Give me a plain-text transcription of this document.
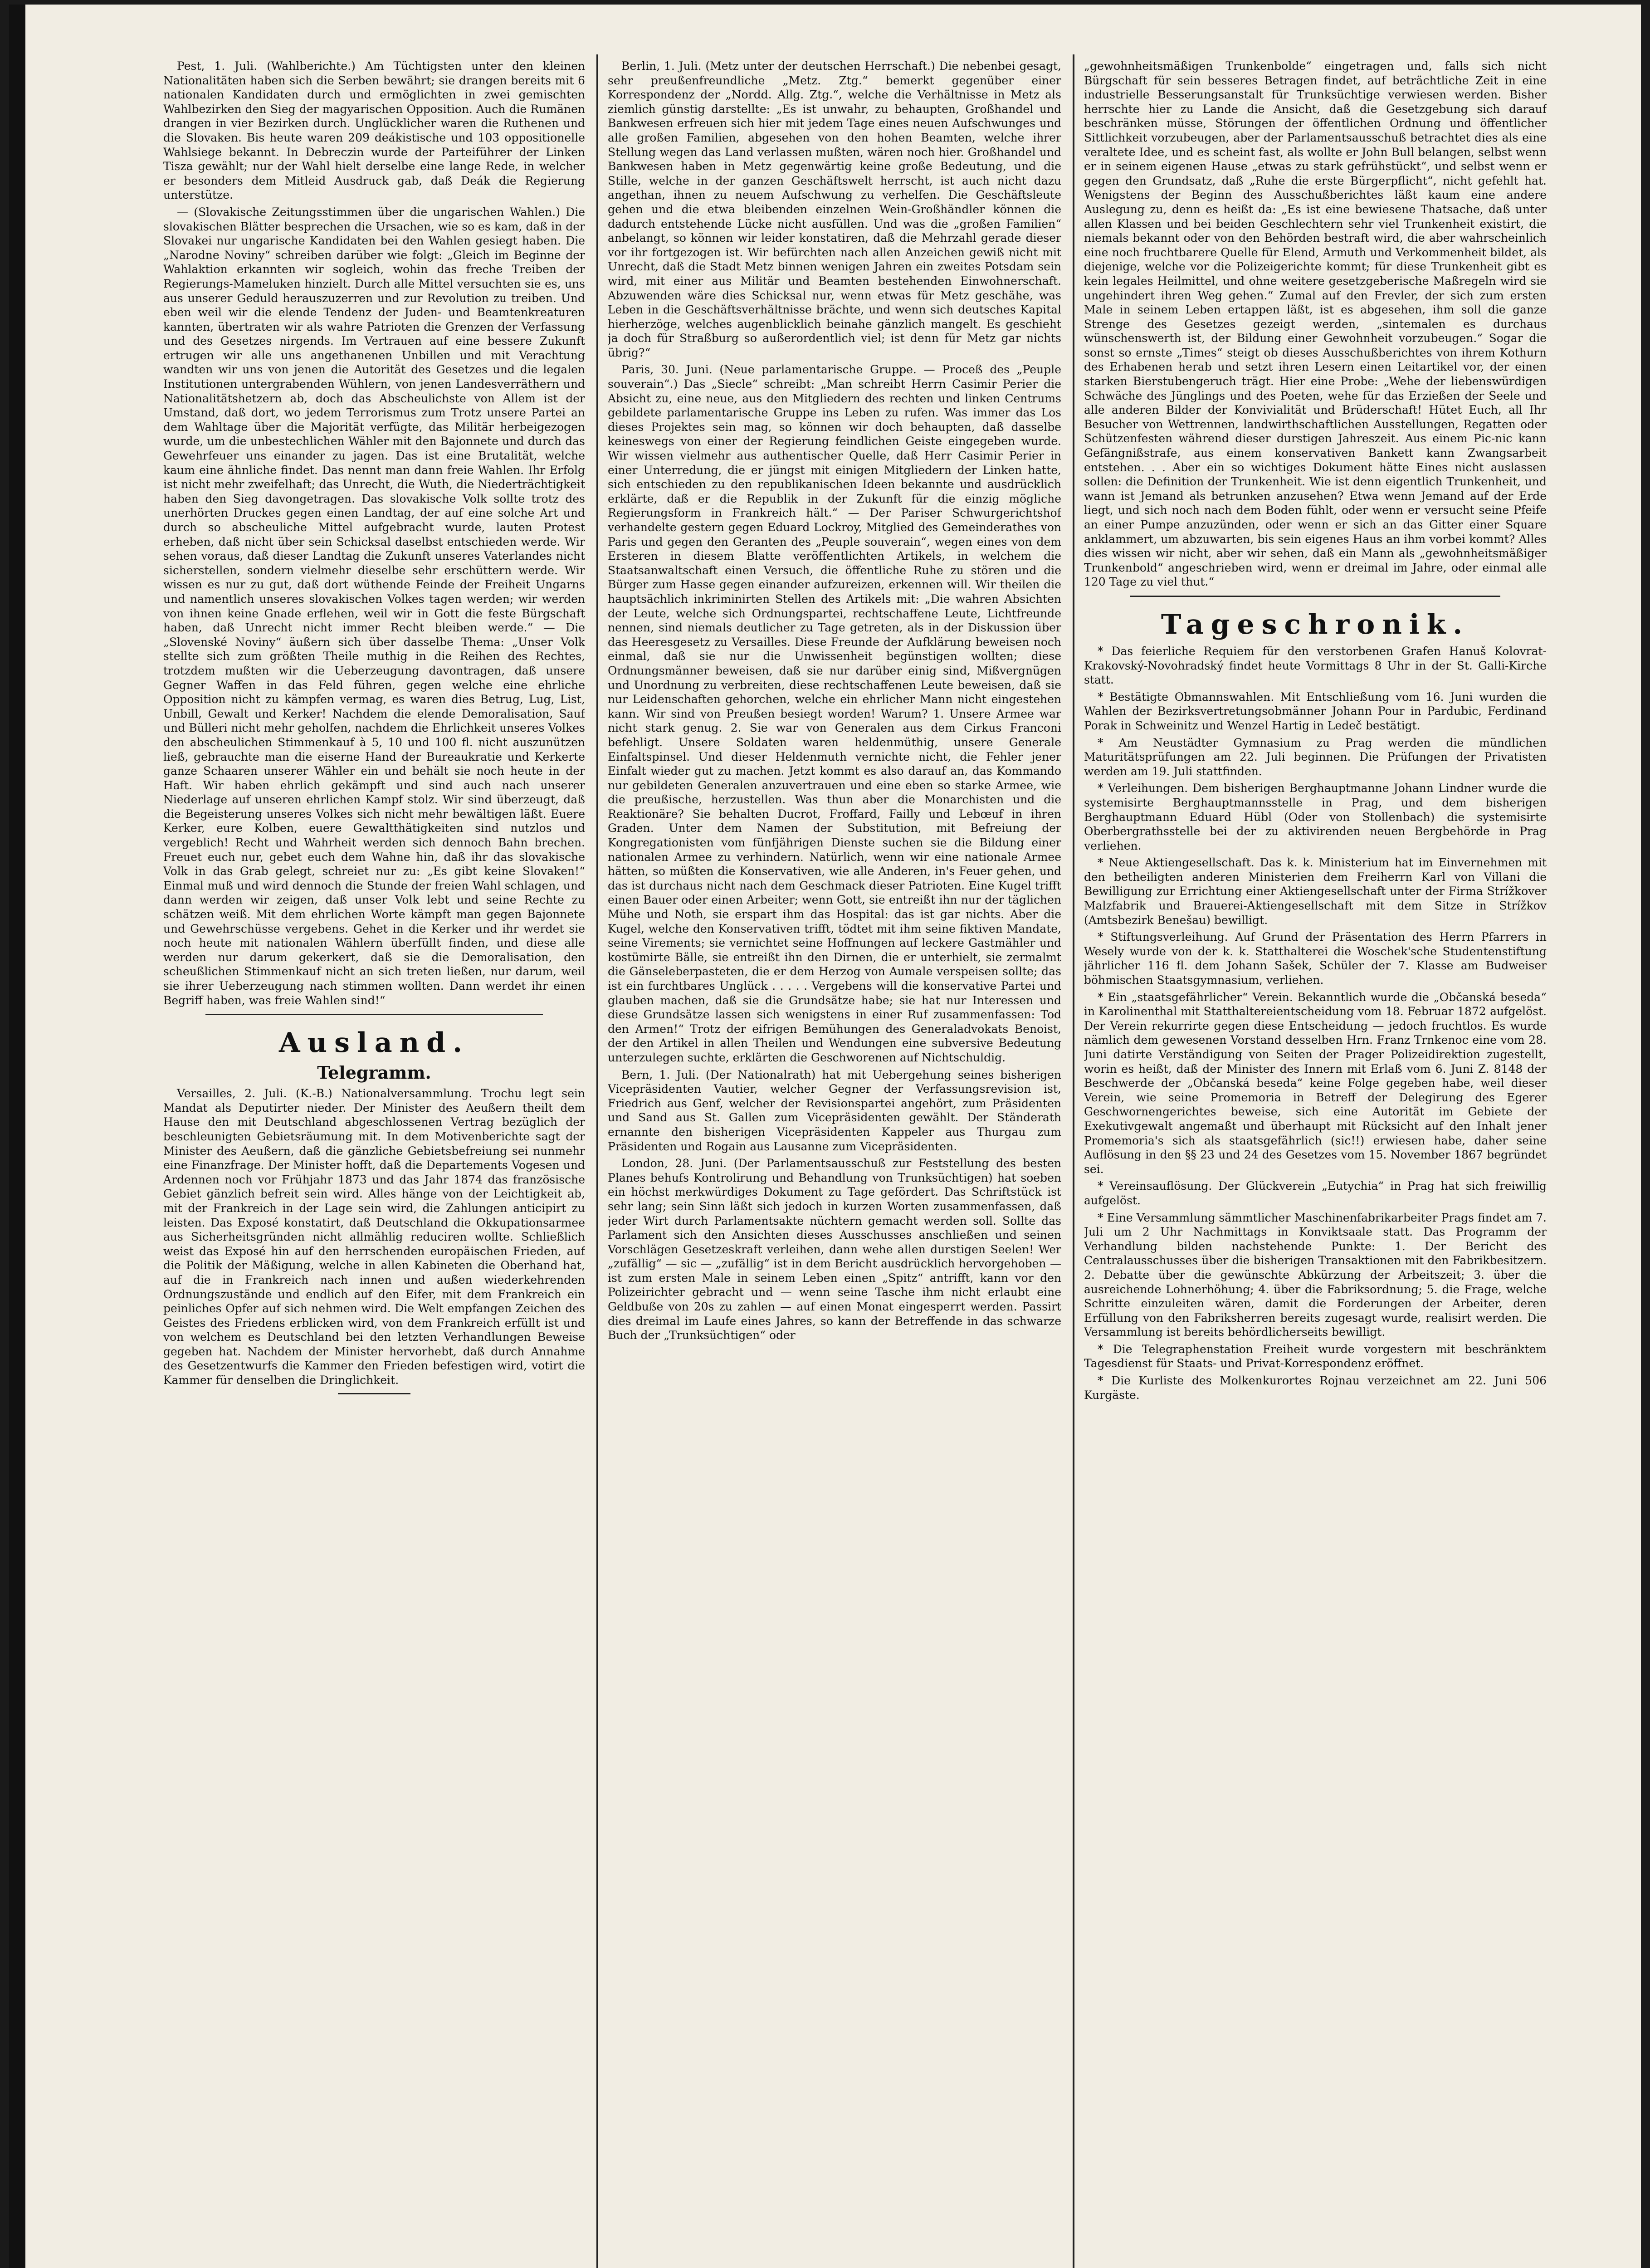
Pest, 1. Juli. (Wahlberichte.) Am Tüchtigsten unter den kleinen Nationalitäten haben sich die Serben bewährt; sie drangen bereits mit 6 nationalen Kandidaten durch und ermöglichten in zwei gemischten Wahlbezirken den Sieg der magyarischen Opposition. Auch die Rumänen drangen in vier Bezirken durch. Unglücklicher waren die Ruthenen und die Slovaken. Bis heute waren 209 deákistische und 103 oppositionelle Wahlsiege bekannt. In Debreczin wurde der Parteiführer der Linken Tisza gewählt; nur der Wahl hielt derselbe eine lange Rede, in welcher er besonders dem Mitleid Ausdruck gab, daß Deák die Regierung unterstütze.

— (Slovakische Zeitungsstimmen über die ungarischen Wahlen.) Die slovakischen Blätter besprechen die Ursachen, wie so es kam, daß in der Slovakei nur ungarische Kandidaten bei den Wahlen gesiegt haben. Die „Narodne Noviny“ schreiben darüber wie folgt: „Gleich im Beginne der Wahlaktion erkannten wir sogleich, wohin das freche Treiben der Regierungs-Mameluken hinzielt. Durch alle Mittel versuchten sie es, uns aus unserer Geduld herauszuzerren und zur Revolution zu treiben. Und eben weil wir die elende Tendenz der Juden- und Beamtenkreaturen kannten, übertraten wir als wahre Patrioten die Grenzen der Verfassung und des Gesetzes nirgends. Im Vertrauen auf eine bessere Zukunft ertrugen wir alle uns angethanenen Unbillen und mit Verachtung wandten wir uns von jenen die Autorität des Gesetzes und die legalen Institutionen untergrabenden Wühlern, von jenen Landesverräthern und Nationalitätshetzern ab, doch das Abscheulichste von Allem ist der Umstand, daß dort, wo jedem Terrorismus zum Trotz unsere Partei an dem Wahltage über die Majorität verfügte, das Militär herbeigezogen wurde, um die unbestechlichen Wähler mit den Bajonnete und durch das Gewehrfeuer uns einander zu jagen. Das ist eine Brutalität, welche kaum eine ähnliche findet. Das nennt man dann freie Wahlen. Ihr Erfolg ist nicht mehr zweifelhaft; das Unrecht, die Wuth, die Niederträchtigkeit haben den Sieg davongetragen. Das slovakische Volk sollte trotz des unerhörten Druckes gegen einen Landtag, der auf eine solche Art und durch so abscheuliche Mittel aufgebracht wurde, lauten Protest erheben, daß nicht über sein Schicksal daselbst entschieden werde. Wir sehen voraus, daß dieser Landtag die Zukunft unseres Vaterlandes nicht sicherstellen, sondern vielmehr dieselbe sehr erschüttern werde. Wir wissen es nur zu gut, daß dort wüthende Feinde der Freiheit Ungarns und namentlich unseres slovakischen Volkes tagen werden; wir werden von ihnen keine Gnade erflehen, weil wir in Gott die feste Bürgschaft haben, daß Unrecht nicht immer Recht bleiben werde.“ — Die „Slovenské Noviny“ äußern sich über dasselbe Thema: „Unser Volk stellte sich zum größten Theile muthig in die Reihen des Rechtes, trotzdem mußten wir die Ueberzeugung davontragen, daß unsere Gegner Waffen in das Feld führen, gegen welche eine ehrliche Opposition nicht zu kämpfen vermag, es waren dies Betrug, Lug, List, Unbill, Gewalt und Kerker! Nachdem die elende Demoralisation, Sauf und Bülleri nicht mehr geholfen, nachdem die Ehrlichkeit unseres Volkes den abscheulichen Stimmenkauf à 5, 10 und 100 fl. nicht auszunützen ließ, gebrauchte man die eiserne Hand der Bureaukratie und Kerkerte ganze Schaaren unserer Wähler ein und behält sie noch heute in der Haft. Wir haben ehrlich gekämpft und sind auch nach unserer Niederlage auf unseren ehrlichen Kampf stolz. Wir sind überzeugt, daß die Begeisterung unseres Volkes sich nicht mehr bewältigen läßt. Euere Kerker, eure Kolben, euere Gewaltthätigkeiten sind nutzlos und vergeblich! Recht und Wahrheit werden sich dennoch Bahn brechen. Freuet euch nur, gebet euch dem Wahne hin, daß ihr das slovakische Volk in das Grab gelegt, schreiet nur zu: „Es gibt keine Slovaken!“ Einmal muß und wird dennoch die Stunde der freien Wahl schlagen, und dann werden wir zeigen, daß unser Volk lebt und seine Rechte zu schätzen weiß. Mit dem ehrlichen Worte kämpft man gegen Bajonnete und Gewehrschüsse vergebens. Gehet in die Kerker und ihr werdet sie noch heute mit nationalen Wählern überfüllt finden, und diese alle werden nur darum gekerkert, daß sie die Demoralisation, den scheußlichen Stimmenkauf nicht an sich treten ließen, nur darum, weil sie ihrer Ueberzeugung nach stimmen wollten. Dann werdet ihr einen Begriff haben, was freie Wahlen sind!“

Ausland.
Telegramm.

Versailles, 2. Juli. (K.-B.) Nationalversammlung. Trochu legt sein Mandat als Deputirter nieder. Der Minister des Aeußern theilt dem Hause den mit Deutschland abgeschlossenen Vertrag bezüglich der beschleunigten Gebietsräumung mit. In dem Motivenberichte sagt der Minister des Aeußern, daß die gänzliche Gebietsbefreiung sei nunmehr eine Finanzfrage. Der Minister hofft, daß die Departements Vogesen und Ardennen noch vor Frühjahr 1873 und das Jahr 1874 das französische Gebiet gänzlich befreit sein wird. Alles hänge von der Leichtigkeit ab, mit der Frankreich in der Lage sein wird, die Zahlungen anticipirt zu leisten. Das Exposé konstatirt, daß Deutschland die Okkupationsarmee aus Sicherheitsgründen nicht allmählig reduciren wollte. Schließlich weist das Exposé hin auf den herrschenden europäischen Frieden, auf die Politik der Mäßigung, welche in allen Kabineten die Oberhand hat, auf die in Frankreich nach innen und außen wiederkehrenden Ordnungszustände und endlich auf den Eifer, mit dem Frankreich ein peinliches Opfer auf sich nehmen wird. Die Welt empfangen Zeichen des Geistes des Friedens erblicken wird, von dem Frankreich erfüllt ist und von welchem es Deutschland bei den letzten Verhandlungen Beweise gegeben hat. Nachdem der Minister hervorhebt, daß durch Annahme des Gesetzentwurfs die Kammer den Frieden befestigen wird, votirt die Kammer für denselben die Dringlichkeit.

Berlin, 1. Juli. (Metz unter der deutschen Herrschaft.) Die nebenbei gesagt, sehr preußenfreundliche „Metz. Ztg.“ bemerkt gegenüber einer Korrespondenz der „Nordd. Allg. Ztg.“, welche die Verhältnisse in Metz als ziemlich günstig darstellte: „Es ist unwahr, zu behaupten, Großhandel und Bankwesen erfreuen sich hier mit jedem Tage eines neuen Aufschwunges und alle großen Familien, abgesehen von den hohen Beamten, welche ihrer Stellung wegen das Land verlassen mußten, wären noch hier. Großhandel und Bankwesen haben in Metz gegenwärtig keine große Bedeutung, und die Stille, welche in der ganzen Geschäftswelt herrscht, ist auch nicht dazu angethan, ihnen zu neuem Aufschwung zu verhelfen. Die Geschäftsleute gehen und die etwa bleibenden einzelnen Wein-Großhändler können die dadurch entstehende Lücke nicht ausfüllen. Und was die „großen Familien“ anbelangt, so können wir leider konstatiren, daß die Mehrzahl gerade dieser vor ihr fortgezogen ist. Wir befürchten nach allen Anzeichen gewiß nicht mit Unrecht, daß die Stadt Metz binnen wenigen Jahren ein zweites Potsdam sein wird, mit einer aus Militär und Beamten bestehenden Einwohnerschaft. Abzuwenden wäre dies Schicksal nur, wenn etwas für Metz geschähe, was Leben in die Geschäftsverhältnisse brächte, und wenn sich deutsches Kapital hierherzöge, welches augenblicklich beinahe gänzlich mangelt. Es geschieht ja doch für Straßburg so außerordentlich viel; ist denn für Metz gar nichts übrig?“

Paris, 30. Juni. (Neue parlamentarische Gruppe. — Proceß des „Peuple souverain“.) Das „Siecle“ schreibt: „Man schreibt Herrn Casimir Perier die Absicht zu, eine neue, aus den Mitgliedern des rechten und linken Centrums gebildete parlamentarische Gruppe ins Leben zu rufen. Was immer das Los dieses Projektes sein mag, so können wir doch behaupten, daß dasselbe keineswegs von einer der Regierung feindlichen Geiste eingegeben wurde. Wir wissen vielmehr aus authentischer Quelle, daß Herr Casimir Perier in einer Unterredung, die er jüngst mit einigen Mitgliedern der Linken hatte, sich entschieden zu den republikanischen Ideen bekannte und ausdrücklich erklärte, daß er die Republik in der Zukunft für die einzig mögliche Regierungsform in Frankreich hält.“ — Der Pariser Schwurgerichtshof verhandelte gestern gegen Eduard Lockroy, Mitglied des Gemeinderathes von Paris und gegen den Geranten des „Peuple souverain“, wegen eines von dem Ersteren in diesem Blatte veröffentlichten Artikels, in welchem die Staatsanwaltschaft einen Versuch, die öffentliche Ruhe zu stören und die Bürger zum Hasse gegen einander aufzureizen, erkennen will. Wir theilen die hauptsächlich inkriminirten Stellen des Artikels mit: „Die wahren Absichten der Leute, welche sich Ordnungspartei, rechtschaffene Leute, Lichtfreunde nennen, sind niemals deutlicher zu Tage getreten, als in der Diskussion über das Heeresgesetz zu Versailles. Diese Freunde der Aufklärung beweisen noch einmal, daß sie nur die Unwissenheit begünstigen wollten; diese Ordnungsmänner beweisen, daß sie nur darüber einig sind, Mißvergnügen und Unordnung zu verbreiten, diese rechtschaffenen Leute beweisen, daß sie nur Leidenschaften gehorchen, welche ein ehrlicher Mann nicht eingestehen kann. Wir sind von Preußen besiegt worden! Warum? 1. Unsere Armee war nicht stark genug. 2. Sie war von Generalen aus dem Cirkus Franconi befehligt. Unsere Soldaten waren heldenmüthig, unsere Generale Einfaltspinsel. Und dieser Heldenmuth vernichte nicht, die Fehler jener Einfalt wieder gut zu machen. Jetzt kommt es also darauf an, das Kommando nur gebildeten Generalen anzuvertrauen und eine eben so starke Armee, wie die preußische, herzustellen. Was thun aber die Monarchisten und die Reaktionäre? Sie behalten Ducrot, Froffard, Failly und Lebœuf in ihren Graden. Unter dem Namen der Substitution, mit Befreiung der Kongregationisten vom fünfjährigen Dienste suchen sie die Bildung einer nationalen Armee zu verhindern. Natürlich, wenn wir eine nationale Armee hätten, so müßten die Konservativen, wie alle Anderen, in's Feuer gehen, und das ist durchaus nicht nach dem Geschmack dieser Patrioten. Eine Kugel trifft einen Bauer oder einen Arbeiter; wenn Gott, sie entreißt ihn nur der täglichen Mühe und Noth, sie erspart ihm das Hospital: das ist gar nichts. Aber die Kugel, welche den Konservativen trifft, tödtet mit ihm seine fiktiven Mandate, seine Virements; sie vernichtet seine Hoffnungen auf leckere Gastmähler und kostümirte Bälle, sie entreißt ihn den Dirnen, die er unterhielt, sie zermalmt die Gänseleberpasteten, die er dem Herzog von Aumale verspeisen sollte; das ist ein furchtbares Unglück . . . . . Vergebens will die konservative Partei und glauben machen, daß sie die Grundsätze habe; sie hat nur Interessen und diese Grundsätze lassen sich wenigstens in einer Ruf zusammenfassen: Tod den Armen!“ Trotz der eifrigen Bemühungen des Generaladvokats Benoist, der den Artikel in allen Theilen und Wendungen eine subversive Bedeutung unterzulegen suchte, erklärten die Geschworenen auf Nichtschuldig.

Bern, 1. Juli. (Der Nationalrath) hat mit Uebergehung seines bisherigen Vicepräsidenten Vautier, welcher Gegner der Verfassungsrevision ist, Friedrich aus Genf, welcher der Revisionspartei angehört, zum Präsidenten und Sand aus St. Gallen zum Vicepräsidenten gewählt. Der Ständerath ernannte den bisherigen Vicepräsidenten Kappeler aus Thurgau zum Präsidenten und Rogain aus Lausanne zum Vicepräsidenten.

London, 28. Juni. (Der Parlamentsausschuß zur Feststellung des besten Planes behufs Kontrolirung und Behandlung von Trunksüchtigen) hat soeben ein höchst merkwürdiges Dokument zu Tage gefördert. Das Schriftstück ist sehr lang; sein Sinn läßt sich jedoch in kurzen Worten zusammenfassen, daß jeder Wirt durch Parlamentsakte nüchtern gemacht werden soll. Sollte das Parlament sich den Ansichten dieses Ausschusses anschließen und seinen Vorschlägen Gesetzeskraft verleihen, dann wehe allen durstigen Seelen! Wer „zufällig“ — sic — „zufällig“ ist in dem Bericht ausdrücklich hervorgehoben — ist zum ersten Male in seinem Leben einen „Spitz“ antrifft, kann vor den Polizeirichter gebracht und — wenn seine Tasche ihm nicht erlaubt eine Geldbuße von 20s zu zahlen — auf einen Monat eingesperrt werden. Passirt dies dreimal im Laufe eines Jahres, so kann der Betreffende in das schwarze Buch der „Trunksüchtigen“ oder

„gewohnheitsmäßigen Trunkenbolde“ eingetragen und, falls sich nicht Bürgschaft für sein besseres Betragen findet, auf beträchtliche Zeit in eine industrielle Besserungsanstalt für Trunksüchtige verwiesen werden. Bisher herrschte hier zu Lande die Ansicht, daß die Gesetzgebung sich darauf beschränken müsse, Störungen der öffentlichen Ordnung und öffentlicher Sittlichkeit vorzubeugen, aber der Parlamentsausschuß betrachtet dies als eine veraltete Idee, und es scheint fast, als wollte er John Bull belangen, selbst wenn er in seinem eigenen Hause „etwas zu stark gefrühstückt“, und selbst wenn er gegen den Grundsatz, daß „Ruhe die erste Bürgerpflicht“, nicht gefehlt hat. Wenigstens der Beginn des Ausschußberichtes läßt kaum eine andere Auslegung zu, denn es heißt da: „Es ist eine bewiesene Thatsache, daß unter allen Klassen und bei beiden Geschlechtern sehr viel Trunkenheit existirt, die niemals bekannt oder von den Behörden bestraft wird, die aber wahrscheinlich eine noch fruchtbarere Quelle für Elend, Armuth und Verkommenheit bildet, als diejenige, welche vor die Polizeigerichte kommt; für diese Trunkenheit gibt es kein legales Heilmittel, und ohne weitere gesetzgeberische Maßregeln wird sie ungehindert ihren Weg gehen.“ Zumal auf den Frevler, der sich zum ersten Male in seinem Leben ertappen läßt, ist es abgesehen, ihm soll die ganze Strenge des Gesetzes gezeigt werden, „sintemalen es durchaus wünschenswerth ist, der Bildung einer Gewohnheit vorzubeugen.“ Sogar die sonst so ernste „Times“ steigt ob dieses Ausschußberichtes von ihrem Kothurn des Erhabenen herab und setzt ihren Lesern einen Leitartikel vor, der einen starken Bierstubengeruch trägt. Hier eine Probe: „Wehe der liebenswürdigen Schwäche des Jünglings und des Poeten, wehe für das Erzießen der Seele und alle anderen Bilder der Konvivialität und Brüderschaft! Hütet Euch, all Ihr Besucher von Wettrennen, landwirthschaftlichen Ausstellungen, Regatten oder Schützenfesten während dieser durstigen Jahreszeit. Aus einem Pic-nic kann Gefängnißstrafe, aus einem konservativen Bankett kann Zwangsarbeit entstehen. . . Aber ein so wichtiges Dokument hätte Eines nicht auslassen sollen: die Definition der Trunkenheit. Wie ist denn eigentlich Trunkenheit, und wann ist Jemand als betrunken anzusehen? Etwa wenn Jemand auf der Erde liegt, und sich noch nach dem Boden fühlt, oder wenn er versucht seine Pfeife an einer Pumpe anzuzünden, oder wenn er sich an das Gitter einer Square anklammert, um abzuwarten, bis sein eigenes Haus an ihm vorbei kommt? Alles dies wissen wir nicht, aber wir sehen, daß ein Mann als „gewohnheitsmäßiger Trunkenbold“ angeschrieben wird, wenn er dreimal im Jahre, oder einmal alle 120 Tage zu viel thut.“

Tageschronik.

* Das feierliche Requiem für den verstorbenen Grafen Hanuš Kolovrat-Krakovský-Novohradský findet heute Vormittags 8 Uhr in der St. Galli-Kirche statt.

* Bestätigte Obmannswahlen. Mit Entschließung vom 16. Juni wurden die Wahlen der Bezirksvertretungsobmänner Johann Pour in Pardubic, Ferdinand Porak in Schweinitz und Wenzel Hartig in Ledeč bestätigt.

* Am Neustädter Gymnasium zu Prag werden die mündlichen Maturitätsprüfungen am 22. Juli beginnen. Die Prüfungen der Privatisten werden am 19. Juli stattfinden.

* Verleihungen. Dem bisherigen Berghauptmanne Johann Lindner wurde die systemisirte Berghauptmannsstelle in Prag, und dem bisherigen Berghauptmann Eduard Hübl (Oder von Stollenbach) die systemisirte Oberbergrathsstelle bei der zu aktivirenden neuen Bergbehörde in Prag verliehen.

* Neue Aktiengesellschaft. Das k. k. Ministerium hat im Einvernehmen mit den betheiligten anderen Ministerien dem Freiherrn Karl von Villani die Bewilligung zur Errichtung einer Aktiengesellschaft unter der Firma Strížkover Malzfabrik und Brauerei-Aktiengesellschaft mit dem Sitze in Strížkov (Amtsbezirk Benešau) bewilligt.

* Stiftungsverleihung. Auf Grund der Präsentation des Herrn Pfarrers in Wesely wurde von der k. k. Statthalterei die Woschek'sche Studentenstiftung jährlicher 116 fl. dem Johann Sašek, Schüler der 7. Klasse am Budweiser böhmischen Staatsgymnasium, verliehen.

* Ein „staatsgefährlicher“ Verein. Bekanntlich wurde die „Občanská beseda“ in Karolinenthal mit Statthaltereientscheidung vom 18. Februar 1872 aufgelöst. Der Verein rekurrirte gegen diese Entscheidung — jedoch fruchtlos. Es wurde nämlich dem gewesenen Vorstand desselben Hrn. Franz Trnkenoc eine vom 28. Juni datirte Verständigung von Seiten der Prager Polizeidirektion zugestellt, worin es heißt, daß der Minister des Innern mit Erlaß vom 6. Juni Z. 8148 der Beschwerde der „Občanská beseda“ keine Folge gegeben habe, weil dieser Verein, wie seine Promemoria in Betreff der Delegirung des Egerer Geschwornengerichtes beweise, sich eine Autorität im Gebiete der Exekutivgewalt angemaßt und überhaupt mit Rücksicht auf den Inhalt jener Promemoria's sich als staatsgefährlich (sic!!) erwiesen habe, daher seine Auflösung in den §§ 23 und 24 des Gesetzes vom 15. November 1867 begründet sei.

* Vereinsauflösung. Der Glückverein „Eutychia“ in Prag hat sich freiwillig aufgelöst.

* Eine Versammlung sämmtlicher Maschinenfabrikarbeiter Prags findet am 7. Juli um 2 Uhr Nachmittags in Konviktsaale statt. Das Programm der Verhandlung bilden nachstehende Punkte: 1. Der Bericht des Centralausschusses über die bisherigen Transaktionen mit den Fabrikbesitzern. 2. Debatte über die gewünschte Abkürzung der Arbeitszeit; 3. über die ausreichende Lohnerhöhung; 4. über die Fabriksordnung; 5. die Frage, welche Schritte einzuleiten wären, damit die Forderungen der Arbeiter, deren Erfüllung von den Fabriksherren bereits zugesagt wurde, realisirt werden. Die Versammlung ist bereits behördlicherseits bewilligt.

* Die Telegraphenstation Freiheit wurde vorgestern mit beschränktem Tagesdienst für Staats- und Privat-Korrespondenz eröffnet.

* Die Kurliste des Molkenkurortes Rojnau verzeichnet am 22. Juni 506 Kurgäste.
